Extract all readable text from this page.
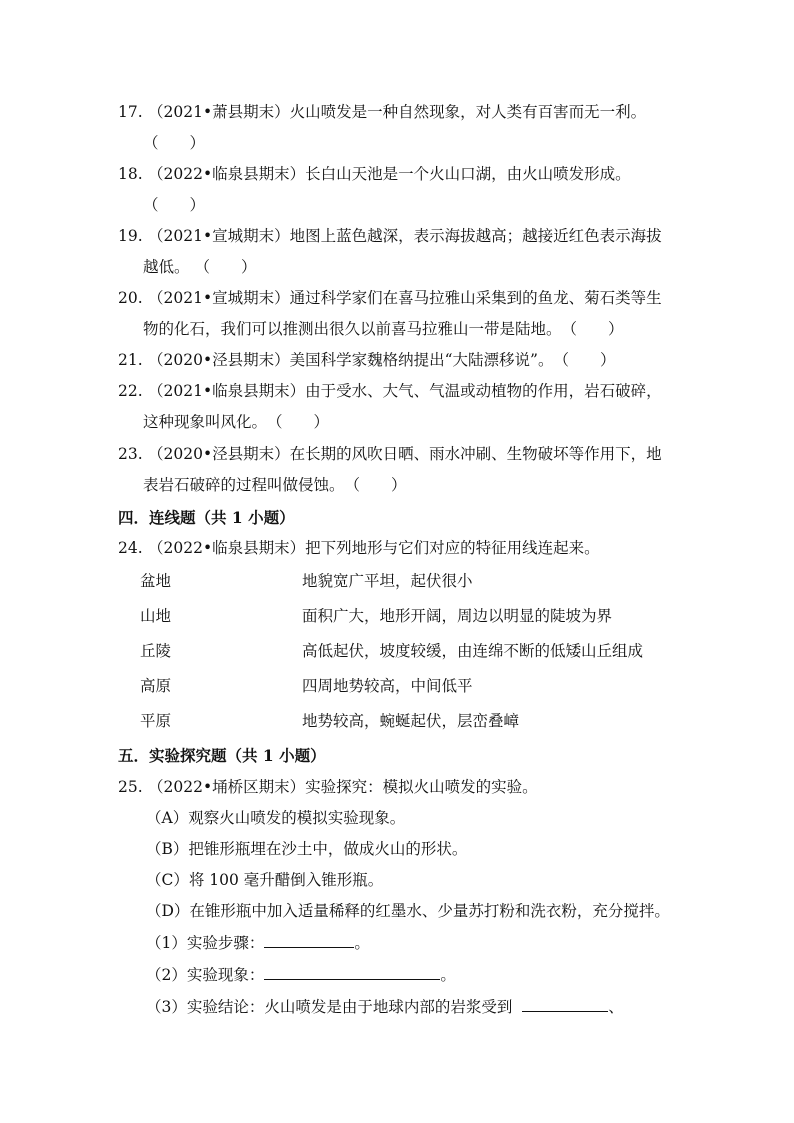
17. （2021•萧县期末）火山喷发是一种自然现象，对人类有百害而无一利。
（　　）
18. （2022•临泉县期末）长白山天池是一个火山口湖，由火山喷发形成。
（　　）
19. （2021•宣城期末）地图上蓝色越深，表示海拔越高；越接近红色表示海拔
越低。 （　　）
20. （2021•宣城期末）通过科学家们在喜马拉雅山采集到的鱼龙、菊石类等生
物的化石，我们可以推测出很久以前喜马拉雅山一带是陆地。（　　）
21. （2020•泾县期末）美国科学家魏格纳提出“大陆漂移说”。（　　）
22. （2021•临泉县期末）由于受水、大气、气温或动植物的作用，岩石破碎，
这种现象叫风化。（　　）
23. （2020•泾县期末）在长期的风吹日晒、雨水冲刷、生物破坏等作用下，地
表岩石破碎的过程叫做侵蚀。（　　）
四．连线题（共 1 小题）
24. （2022•临泉县期末）把下列地形与它们对应的特征用线连起来。
盆地	地貌宽广平坦，起伏很小
山地	面积广大，地形开阔，周边以明显的陡坡为界
丘陵	高低起伏，坡度较缓，由连绵不断的低矮山丘组成
高原	四周地势较高，中间低平
平原	地势较高，蜿蜒起伏，层峦叠嶂
五．实验探究题（共 1 小题）
25. （2022•埇桥区期末）实验探究：模拟火山喷发的实验。
（A）观察火山喷发的模拟实验现象。
（B）把锥形瓶埋在沙土中，做成火山的形状。
（C）将 100 毫升醋倒入锥形瓶。
（D）在锥形瓶中加入适量稀释的红墨水、少量苏打粉和洗衣粉，充分搅拌。
（1）实验步骤：	。
（2）实验现象：	。
（3）实验结论：火山喷发是由于地球内部的岩浆受到	、
